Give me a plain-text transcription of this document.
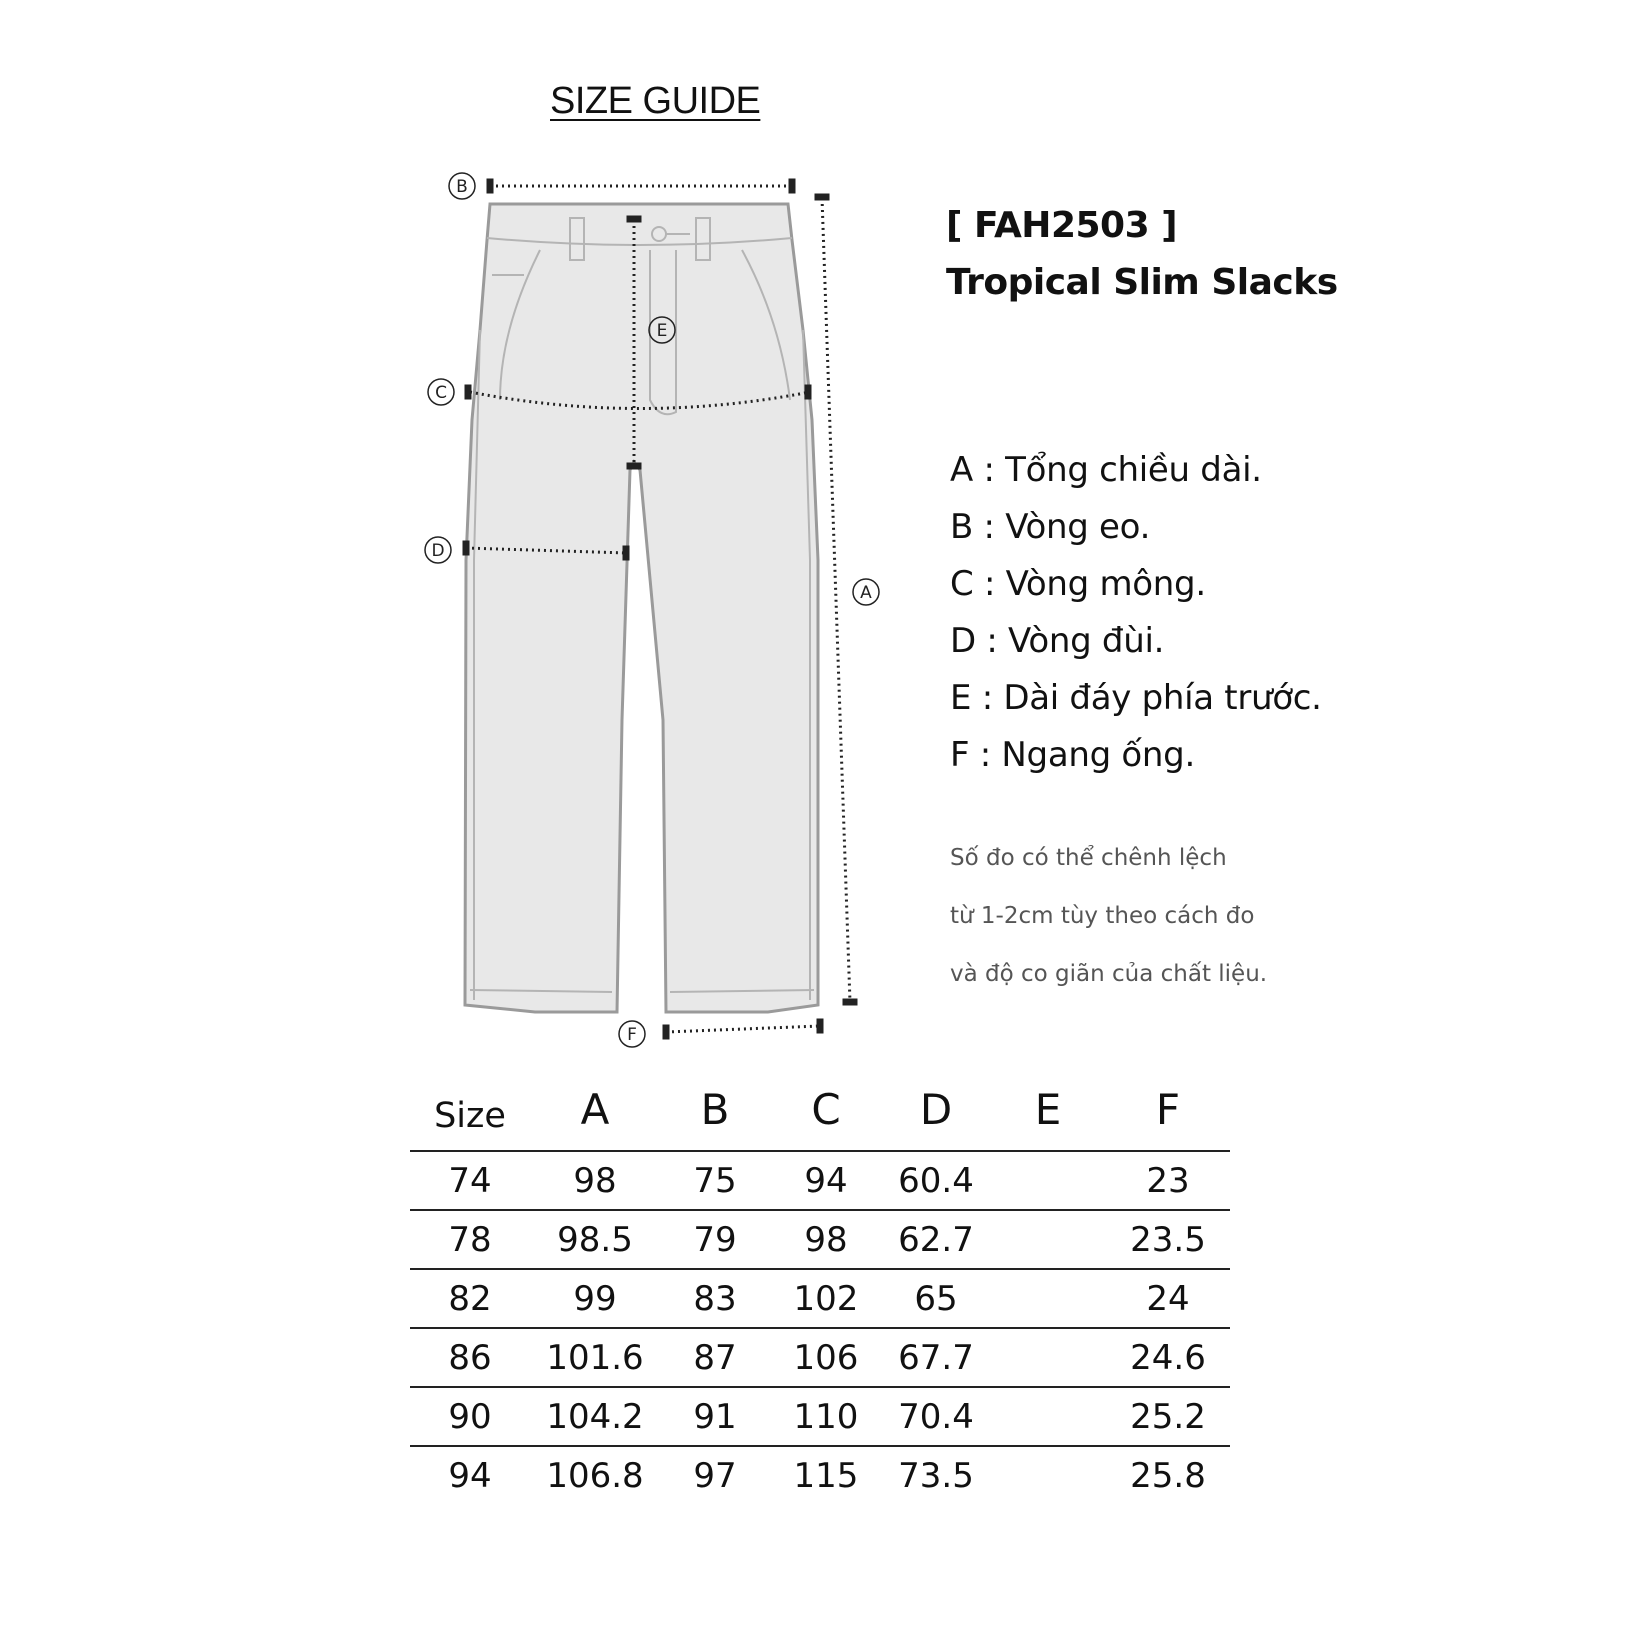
SIZE GUIDE
B
C
D
E
A
F
[ FAH2503 ]
Tropical Slim Slacks
A : Tổng chiều dài.
B : Vòng eo.
C : Vòng mông.
D : Vòng đùi.
E : Dài đáy phía trước.
F : Ngang ống.
Số đo có thể chênh lệch
từ 1-2cm tùy theo cách đo
và độ co giãn của chất liệu.
Size	A	B	C	D	E	F
74	98	75	94	60.4		23
78	98.5	79	98	62.7		23.5
82	99	83	102	65		24
86	101.6	87	106	67.7		24.6
90	104.2	91	110	70.4		25.2
94	106.8	97	115	73.5		25.8
